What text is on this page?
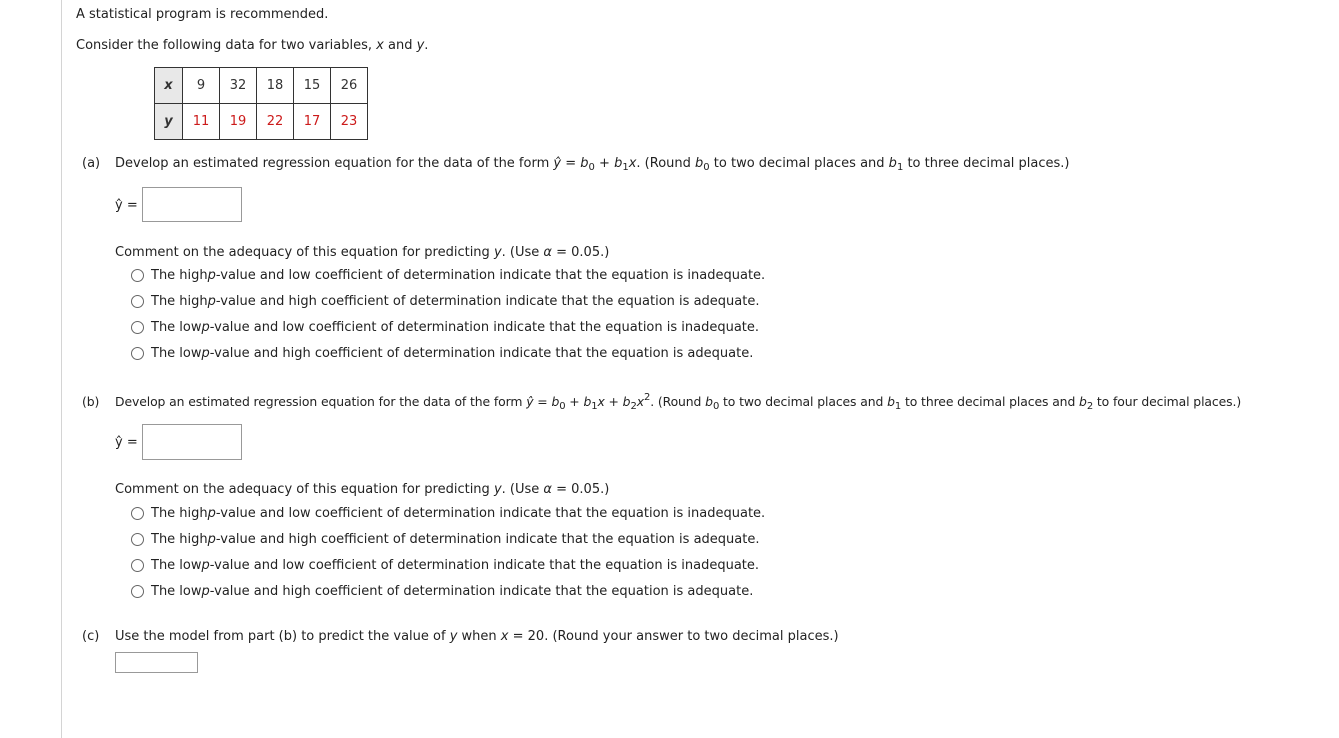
A statistical program is recommended.
Consider the following data for two variables, x and y.
x	9	32	18	15	26
y	11	19	22	17	23
(a) Develop an estimated regression equation for the data of the form ŷ = $b_0 + b_1x$. (Round $b_0$ to two decimal places and $b_1$ to three decimal places.)
ŷ =
Comment on the adequacy of this equation for predicting y. (Use α = 0.05.)
The high p -value and low coefficient of determination indicate that the equation is inadequate.
The high p -value and high coefficient of determination indicate that the equation is adequate.
The low p -value and low coefficient of determination indicate that the equation is inadequate.
The low p -value and high coefficient of determination indicate that the equation is adequate.
(b) Develop an estimated regression equation for the data of the form ŷ = $b_0 + b_1x + b_2x^2$. (Round $b_0$ to two decimal places and $b_1$ to three decimal places and $b_2$ to four decimal places.)
ŷ =
Comment on the adequacy of this equation for predicting y. (Use α = 0.05.)
The high p -value and low coefficient of determination indicate that the equation is inadequate.
The high p -value and high coefficient of determination indicate that the equation is adequate.
The low p -value and low coefficient of determination indicate that the equation is inadequate.
The low p -value and high coefficient of determination indicate that the equation is adequate.
(c) Use the model from part (b) to predict the value of y when x = 20. (Round your answer to two decimal places.)
